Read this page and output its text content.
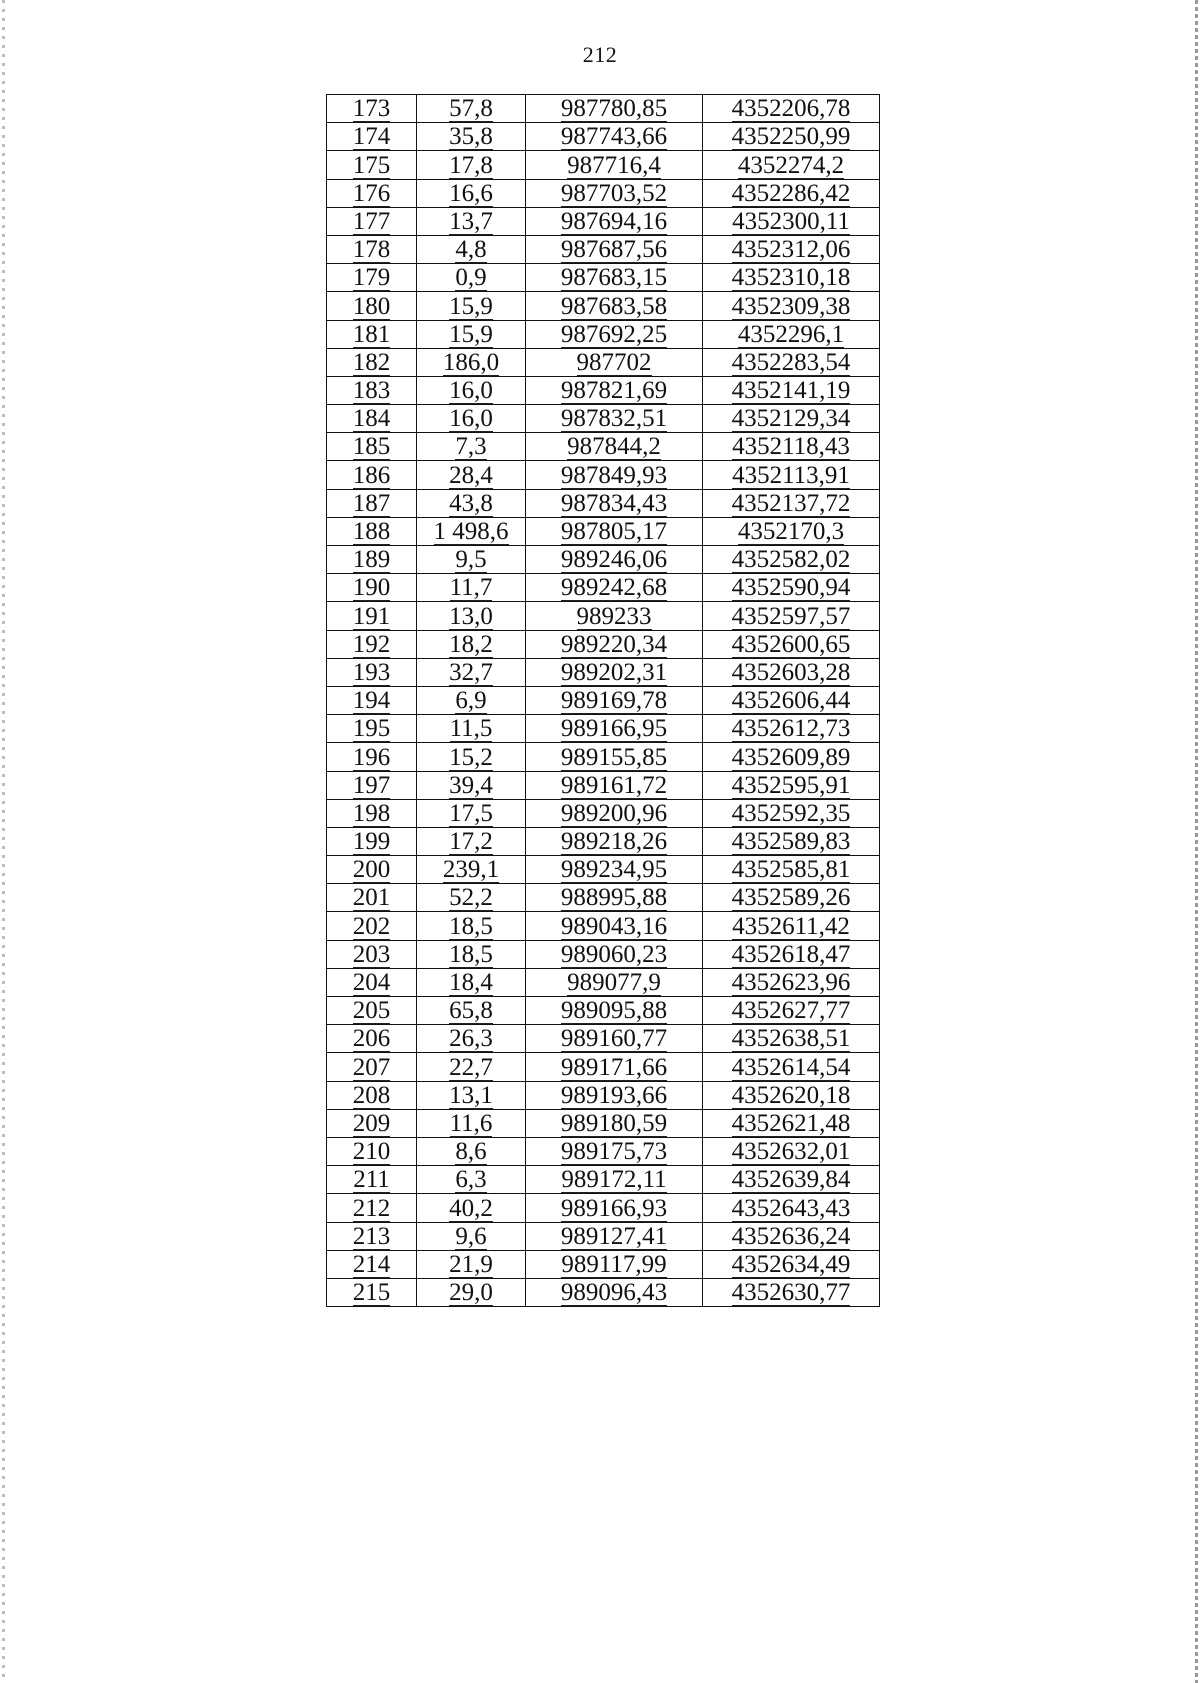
212
173	57,8	987780,85	4352206,78
174	35,8	987743,66	4352250,99
175	17,8	987716,4	4352274,2
176	16,6	987703,52	4352286,42
177	13,7	987694,16	4352300,11
178	4,8	987687,56	4352312,06
179	0,9	987683,15	4352310,18
180	15,9	987683,58	4352309,38
181	15,9	987692,25	4352296,1
182	186,0	987702	4352283,54
183	16,0	987821,69	4352141,19
184	16,0	987832,51	4352129,34
185	7,3	987844,2	4352118,43
186	28,4	987849,93	4352113,91
187	43,8	987834,43	4352137,72
188	1 498,6	987805,17	4352170,3
189	9,5	989246,06	4352582,02
190	11,7	989242,68	4352590,94
191	13,0	989233	4352597,57
192	18,2	989220,34	4352600,65
193	32,7	989202,31	4352603,28
194	6,9	989169,78	4352606,44
195	11,5	989166,95	4352612,73
196	15,2	989155,85	4352609,89
197	39,4	989161,72	4352595,91
198	17,5	989200,96	4352592,35
199	17,2	989218,26	4352589,83
200	239,1	989234,95	4352585,81
201	52,2	988995,88	4352589,26
202	18,5	989043,16	4352611,42
203	18,5	989060,23	4352618,47
204	18,4	989077,9	4352623,96
205	65,8	989095,88	4352627,77
206	26,3	989160,77	4352638,51
207	22,7	989171,66	4352614,54
208	13,1	989193,66	4352620,18
209	11,6	989180,59	4352621,48
210	8,6	989175,73	4352632,01
211	6,3	989172,11	4352639,84
212	40,2	989166,93	4352643,43
213	9,6	989127,41	4352636,24
214	21,9	989117,99	4352634,49
215	29,0	989096,43	4352630,77
